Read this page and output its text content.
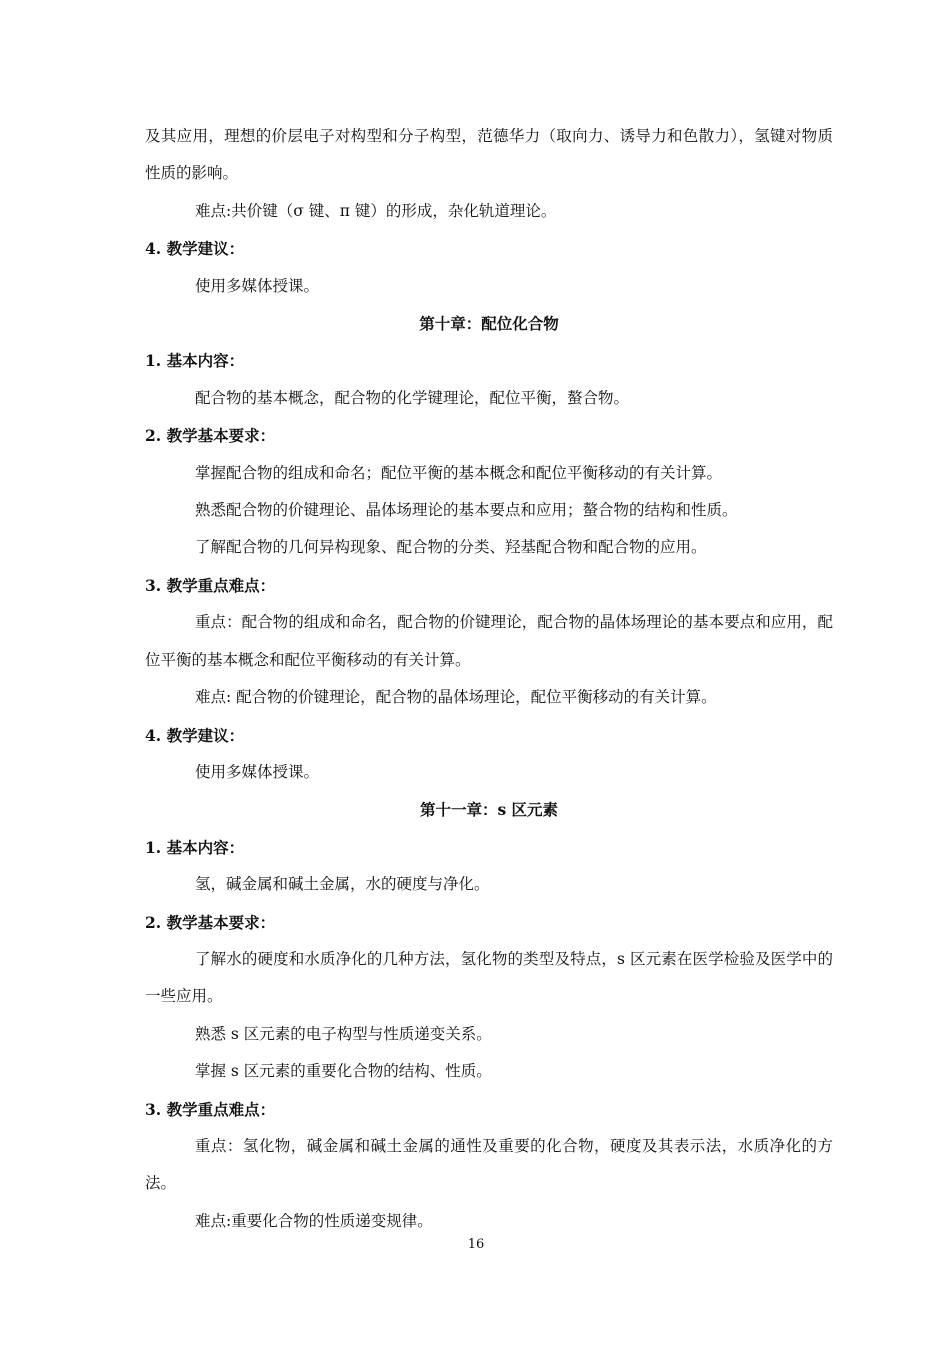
及其应用，理想的价层电子对构型和分子构型，范德华力（取向力、诱导力和色散力），氢键对物质性质的影响。

难点:共价键（σ 键、π 键）的形成，杂化轨道理论。

4. 教学建议：

使用多媒体授课。

第十章：配位化合物

1. 基本内容：

配合物的基本概念，配合物的化学键理论，配位平衡，螯合物。

2. 教学基本要求：

掌握配合物的组成和命名；配位平衡的基本概念和配位平衡移动的有关计算。

熟悉配合物的价键理论、晶体场理论的基本要点和应用；螯合物的结构和性质。

了解配合物的几何异构现象、配合物的分类、羟基配合物和配合物的应用。

3. 教学重点难点：

重点：配合物的组成和命名，配合物的价键理论，配合物的晶体场理论的基本要点和应用，配位平衡的基本概念和配位平衡移动的有关计算。

难点: 配合物的价键理论，配合物的晶体场理论，配位平衡移动的有关计算。

4. 教学建议：

使用多媒体授课。

第十一章：s 区元素

1. 基本内容：

氢，碱金属和碱土金属，水的硬度与净化。

2. 教学基本要求：

了解水的硬度和水质净化的几种方法，氢化物的类型及特点，s 区元素在医学检验及医学中的一些应用。

熟悉 s 区元素的电子构型与性质递变关系。

掌握 s 区元素的重要化合物的结构、性质。

3. 教学重点难点：

重点：氢化物，碱金属和碱土金属的通性及重要的化合物，硬度及其表示法，水质净化的方法。

难点:重要化合物的性质递变规律。

16
